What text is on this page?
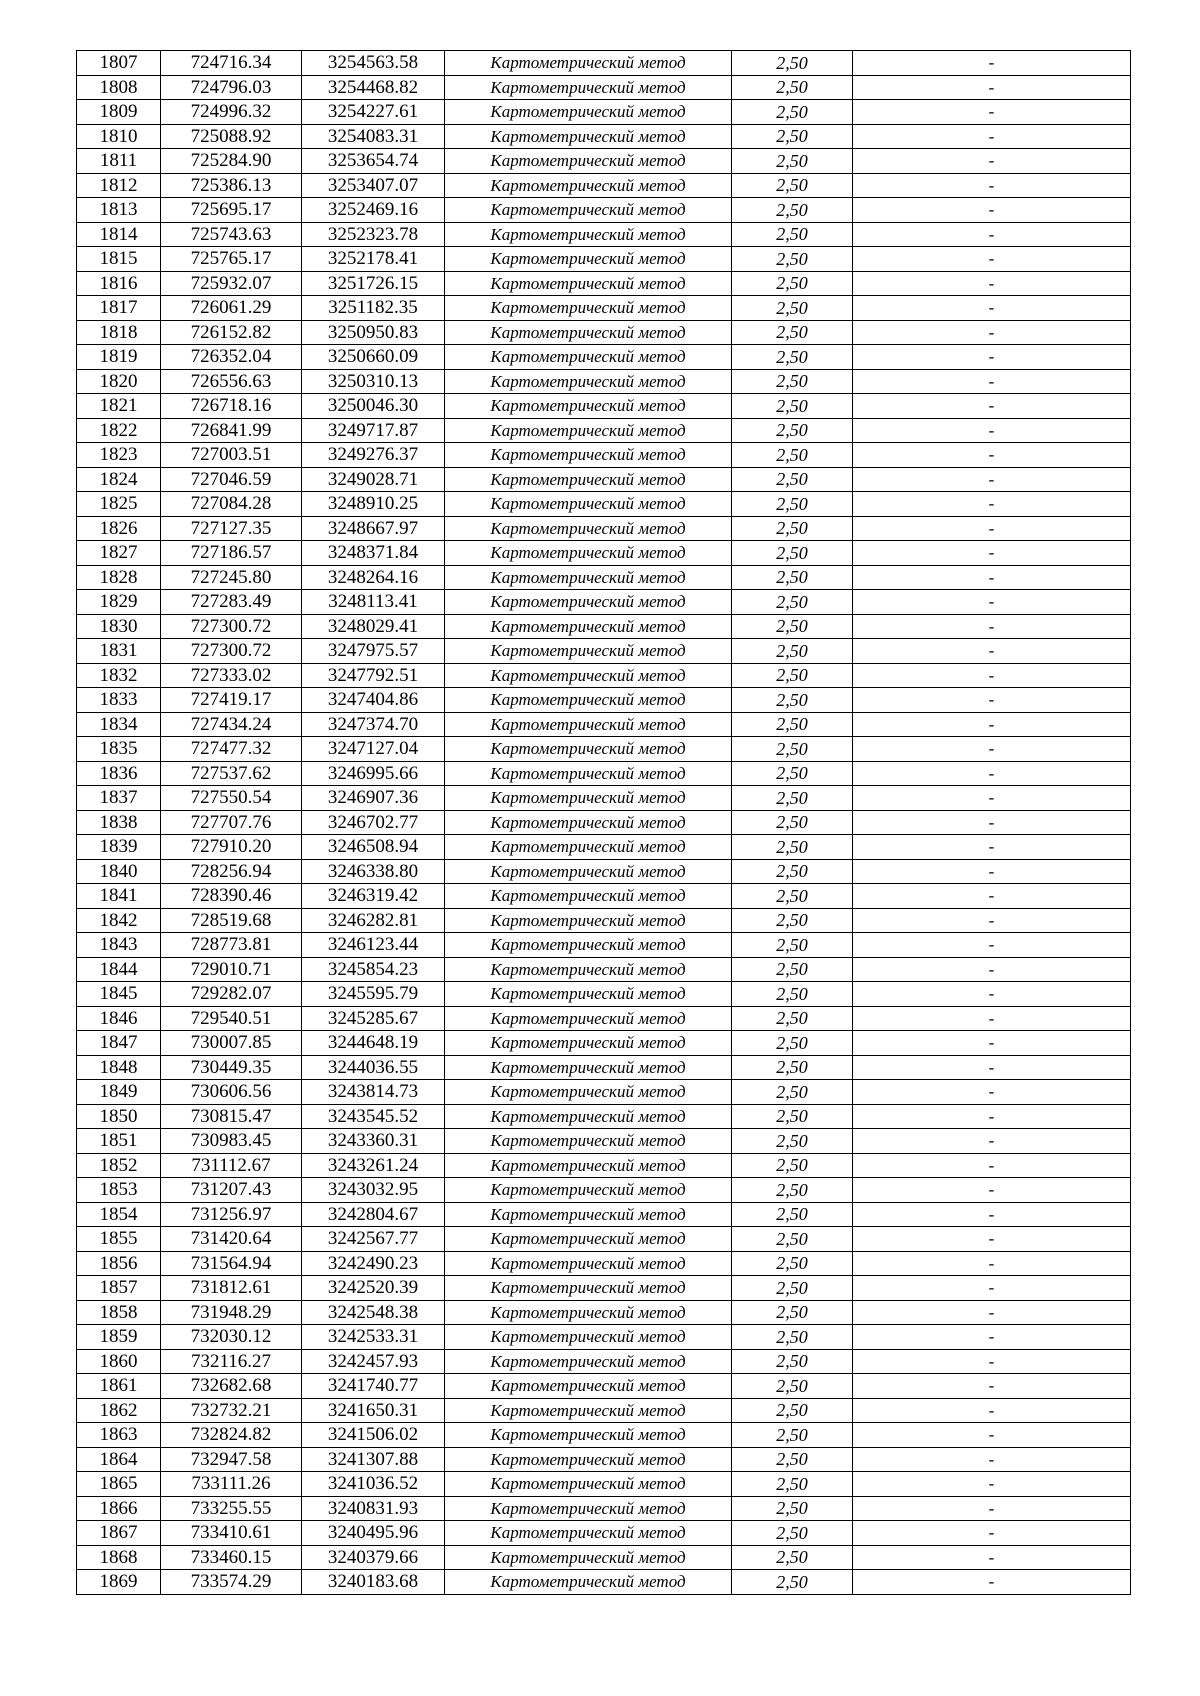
1807	724716.34	3254563.58	Картометрический метод	2,50	-
1808	724796.03	3254468.82	Картометрический метод	2,50	-
1809	724996.32	3254227.61	Картометрический метод	2,50	-
1810	725088.92	3254083.31	Картометрический метод	2,50	-
1811	725284.90	3253654.74	Картометрический метод	2,50	-
1812	725386.13	3253407.07	Картометрический метод	2,50	-
1813	725695.17	3252469.16	Картометрический метод	2,50	-
1814	725743.63	3252323.78	Картометрический метод	2,50	-
1815	725765.17	3252178.41	Картометрический метод	2,50	-
1816	725932.07	3251726.15	Картометрический метод	2,50	-
1817	726061.29	3251182.35	Картометрический метод	2,50	-
1818	726152.82	3250950.83	Картометрический метод	2,50	-
1819	726352.04	3250660.09	Картометрический метод	2,50	-
1820	726556.63	3250310.13	Картометрический метод	2,50	-
1821	726718.16	3250046.30	Картометрический метод	2,50	-
1822	726841.99	3249717.87	Картометрический метод	2,50	-
1823	727003.51	3249276.37	Картометрический метод	2,50	-
1824	727046.59	3249028.71	Картометрический метод	2,50	-
1825	727084.28	3248910.25	Картометрический метод	2,50	-
1826	727127.35	3248667.97	Картометрический метод	2,50	-
1827	727186.57	3248371.84	Картометрический метод	2,50	-
1828	727245.80	3248264.16	Картометрический метод	2,50	-
1829	727283.49	3248113.41	Картометрический метод	2,50	-
1830	727300.72	3248029.41	Картометрический метод	2,50	-
1831	727300.72	3247975.57	Картометрический метод	2,50	-
1832	727333.02	3247792.51	Картометрический метод	2,50	-
1833	727419.17	3247404.86	Картометрический метод	2,50	-
1834	727434.24	3247374.70	Картометрический метод	2,50	-
1835	727477.32	3247127.04	Картометрический метод	2,50	-
1836	727537.62	3246995.66	Картометрический метод	2,50	-
1837	727550.54	3246907.36	Картометрический метод	2,50	-
1838	727707.76	3246702.77	Картометрический метод	2,50	-
1839	727910.20	3246508.94	Картометрический метод	2,50	-
1840	728256.94	3246338.80	Картометрический метод	2,50	-
1841	728390.46	3246319.42	Картометрический метод	2,50	-
1842	728519.68	3246282.81	Картометрический метод	2,50	-
1843	728773.81	3246123.44	Картометрический метод	2,50	-
1844	729010.71	3245854.23	Картометрический метод	2,50	-
1845	729282.07	3245595.79	Картометрический метод	2,50	-
1846	729540.51	3245285.67	Картометрический метод	2,50	-
1847	730007.85	3244648.19	Картометрический метод	2,50	-
1848	730449.35	3244036.55	Картометрический метод	2,50	-
1849	730606.56	3243814.73	Картометрический метод	2,50	-
1850	730815.47	3243545.52	Картометрический метод	2,50	-
1851	730983.45	3243360.31	Картометрический метод	2,50	-
1852	731112.67	3243261.24	Картометрический метод	2,50	-
1853	731207.43	3243032.95	Картометрический метод	2,50	-
1854	731256.97	3242804.67	Картометрический метод	2,50	-
1855	731420.64	3242567.77	Картометрический метод	2,50	-
1856	731564.94	3242490.23	Картометрический метод	2,50	-
1857	731812.61	3242520.39	Картометрический метод	2,50	-
1858	731948.29	3242548.38	Картометрический метод	2,50	-
1859	732030.12	3242533.31	Картометрический метод	2,50	-
1860	732116.27	3242457.93	Картометрический метод	2,50	-
1861	732682.68	3241740.77	Картометрический метод	2,50	-
1862	732732.21	3241650.31	Картометрический метод	2,50	-
1863	732824.82	3241506.02	Картометрический метод	2,50	-
1864	732947.58	3241307.88	Картометрический метод	2,50	-
1865	733111.26	3241036.52	Картометрический метод	2,50	-
1866	733255.55	3240831.93	Картометрический метод	2,50	-
1867	733410.61	3240495.96	Картометрический метод	2,50	-
1868	733460.15	3240379.66	Картометрический метод	2,50	-
1869	733574.29	3240183.68	Картометрический метод	2,50	-
